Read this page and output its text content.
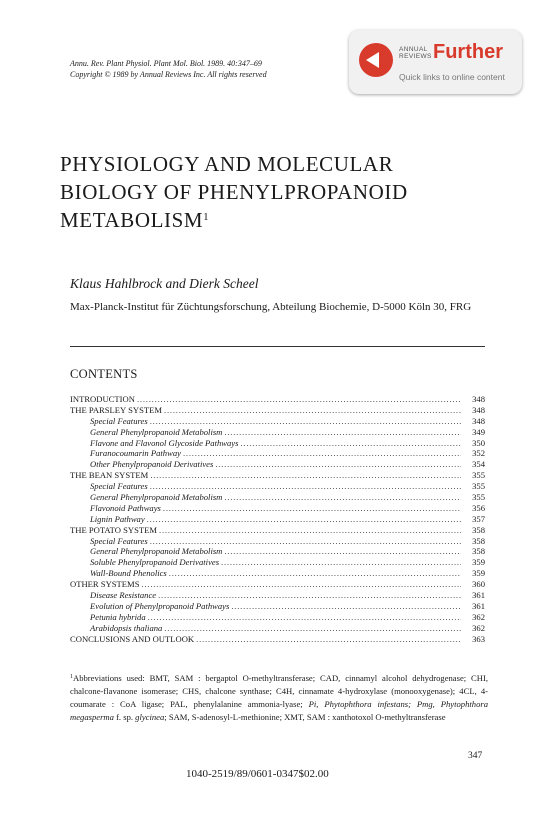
Annu. Rev. Plant Physiol. Plant Mol. Biol. 1989. 40:347–69
Copyright © 1989 by Annual Reviews Inc. All rights reserved
ANNUAL
REVIEWS Further
Quick links to online content
PHYSIOLOGY AND MOLECULAR
BIOLOGY OF PHENYLPROPANOID
METABOLISM$^1$
Klaus Hahlbrock and Dierk Scheel
Max-Planck-Institut für Züchtungsforschung, Abteilung Biochemie, D-5000 Köln 30, FRG
CONTENTS
INTRODUCTION .....	348
THE PARSLEY SYSTEM .....	348
Special Features .....	348
General Phenylpropanoid Metabolism .....	349
Flavone and Flavonol Glycoside Pathways .....	350
Furanocoumarin Pathway .....	352
Other Phenylpropanoid Derivatives .....	354
THE BEAN SYSTEM .....	355
Special Features .....	355
General Phenylpropanoid Metabolism .....	355
Flavonoid Pathways .....	356
Lignin Pathway .....	357
THE POTATO SYSTEM .....	358
Special Features .....	358
General Phenylpropanoid Metabolism .....	358
Soluble Phenylpropanoid Derivatives .....	359
Wall-Bound Phenolics .....	359
OTHER SYSTEMS .....	360
Disease Resistance .....	361
Evolution of Phenylpropanoid Pathways .....	361
Petunia hybrida .....	362
Arabidopsis thaliana .....	362
CONCLUSIONS AND OUTLOOK .....	363
$^1$Abbreviations used: BMT, SAM : bergaptol O-methyltransferase; CAD, cinnamyl alcohol dehydrogenase; CHI, chalcone-flavanone isomerase; CHS, chalcone synthase; C4H, cinnamate 4-hydroxylase (monooxygenase); 4CL, 4-coumarate : CoA ligase; PAL, phenylalanine ammonia-lyase; Pi, Phytophthora infestans; Pmg, Phytophthora megasperma f. sp. glycinea; SAM, S-adenosyl-L-methionine; XMT, SAM : xanthotoxol O-methyltransferase
347
1040-2519/89/0601-0347$02.00
